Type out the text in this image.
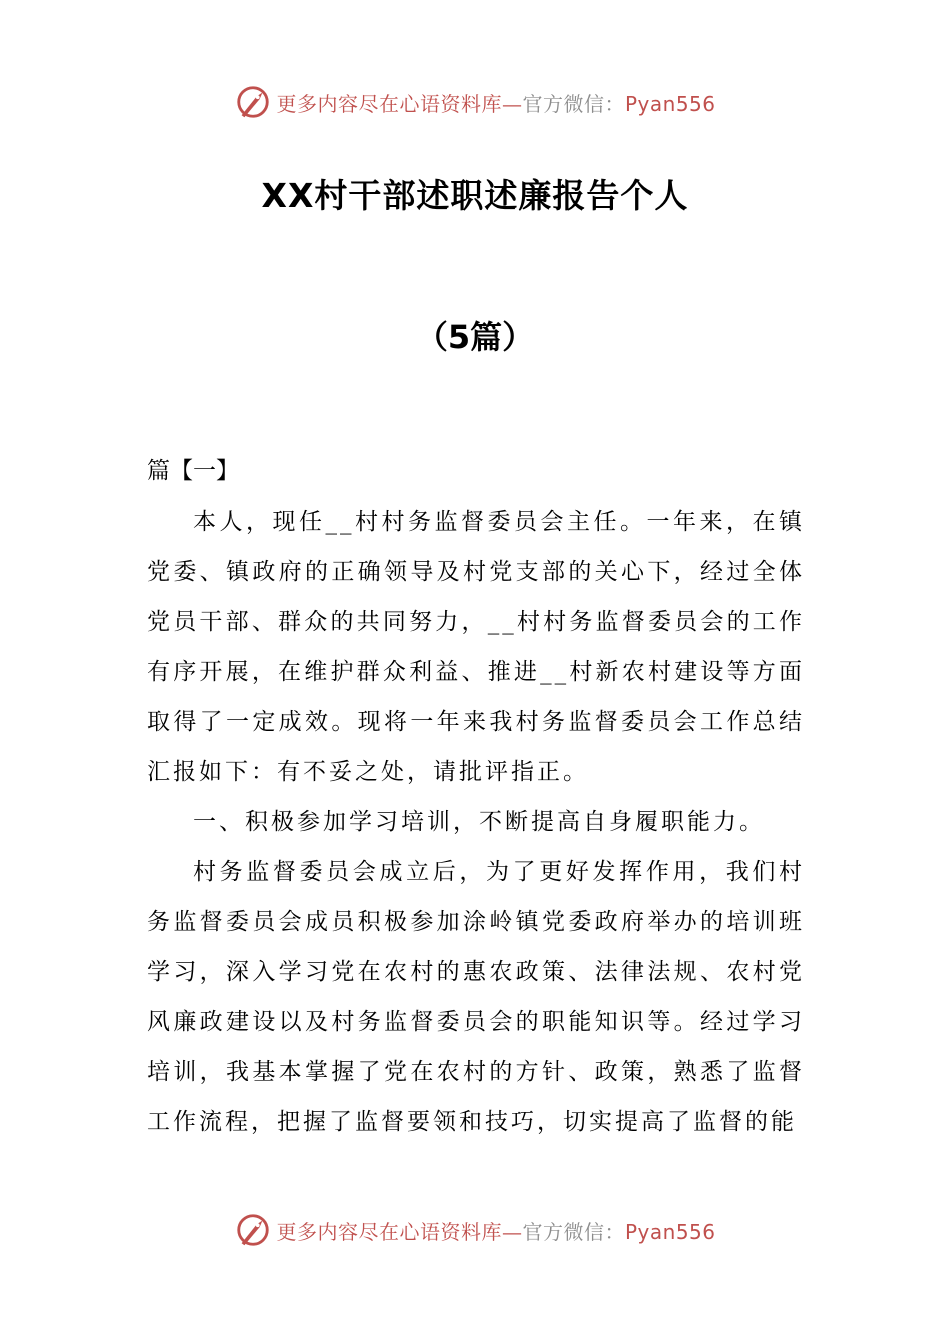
更多内容尽在心语资料库—官方微信：Pyan556
XX村干部述职述廉报告个人
（5篇）
篇【一】

本人，现任__村村务监督委员会主任。一年来，在镇党委、镇政府的正确领导及村党支部的关心下，经过全体党员干部、群众的共同努力，__村村务监督委员会的工作有序开展，在维护群众利益、推进__村新农村建设等方面取得了一定成效。现将一年来我村务监督委员会工作总结汇报如下：有不妥之处，请批评指正。

一、积极参加学习培训，不断提高自身履职能力。

村务监督委员会成立后，为了更好发挥作用，我们村务监督委员会成员积极参加涂岭镇党委政府举办的培训班学习，深入学习党在农村的惠农政策、法律法规、农村党风廉政建设以及村务监督委员会的职能知识等。经过学习培训，我基本掌握了党在农村的方针、政策，熟悉了监督工作流程，把握了监督要领和技巧，切实提高了监督的能

更多内容尽在心语资料库—官方微信：Pyan556
